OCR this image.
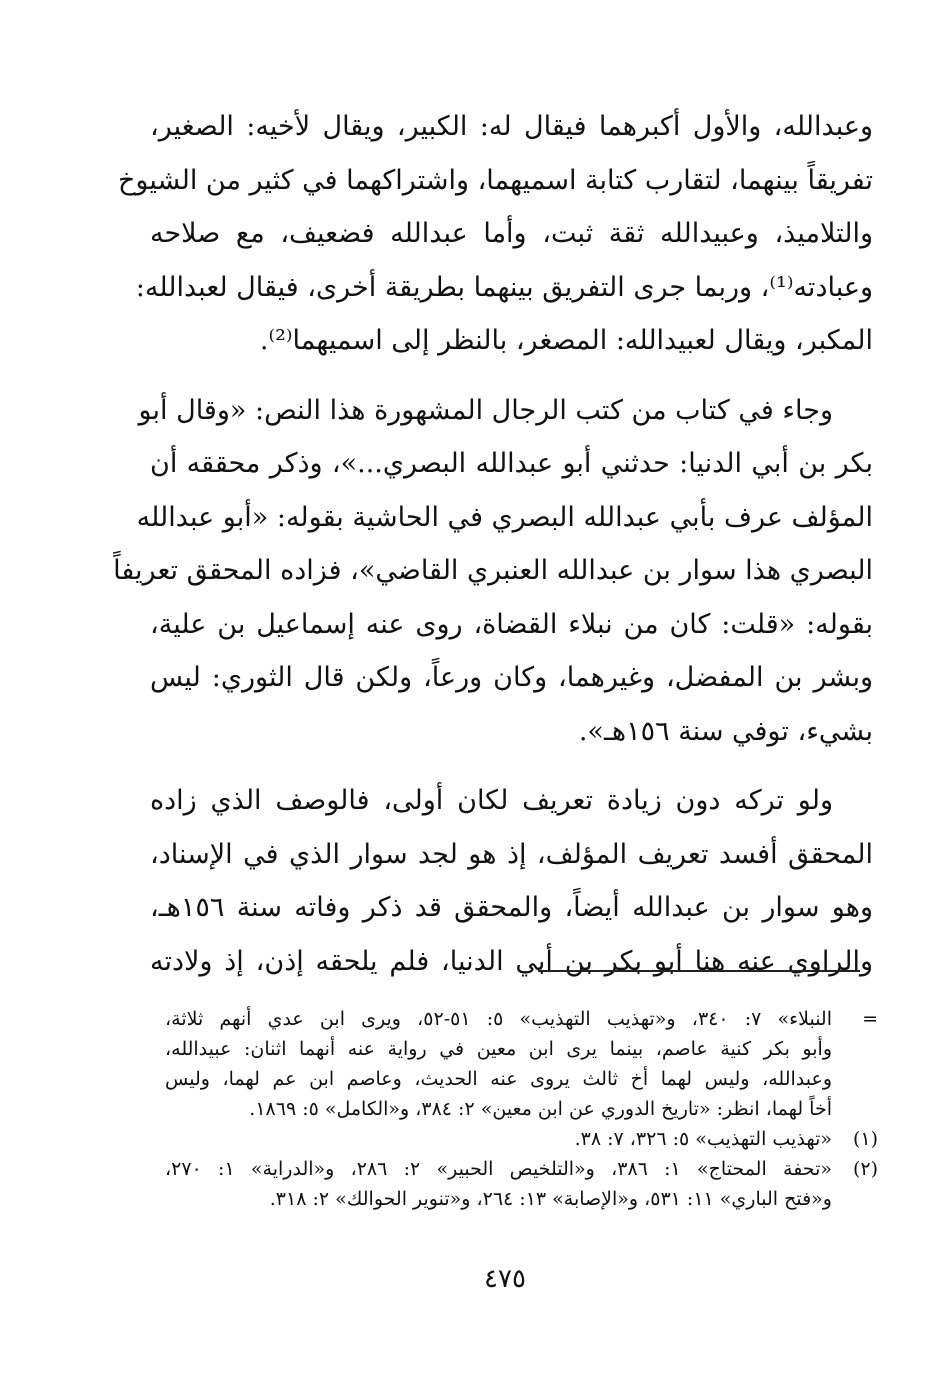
وعبدالله، والأول أكبرهما فيقال له: الكبير، ويقال لأخيه: الصغير،
تفريقاً بينهما، لتقارب كتابة اسميهما، واشتراكهما في كثير من الشيوخ
والتلاميذ، وعبيدالله ثقة ثبت، وأما عبدالله فضعيف، مع صلاحه
وعبادته⁽¹⁾، وربما جرى التفريق بينهما بطريقة أخرى، فيقال لعبدالله:
المكبر، ويقال لعبيدالله: المصغر، بالنظر إلى اسميهما⁽²⁾.

وجاء في كتاب من كتب الرجال المشهورة هذا النص: «وقال أبو
بكر بن أبي الدنيا: حدثني أبو عبدالله البصري...»، وذكر محققه أن
المؤلف عرف بأبي عبدالله البصري في الحاشية بقوله: «أبو عبدالله
البصري هذا سوار بن عبدالله العنبري القاضي»، فزاده المحقق تعريفاً
بقوله: «قلت: كان من نبلاء القضاة، روى عنه إسماعيل بن علية،
وبشر بن المفضل، وغيرهما، وكان ورعاً، ولكن قال الثوري: ليس
بشيء، توفي سنة ١٥٦هـ».

ولو تركه دون زيادة تعريف لكان أولى، فالوصف الذي زاده
المحقق أفسد تعريف المؤلف، إذ هو لجد سوار الذي في الإسناد،
وهو سوار بن عبدالله أيضاً، والمحقق قد ذكر وفاته سنة ١٥٦هـ،
والراوي عنه هنا أبو بكر بن أبي الدنيا، فلم يلحقه إذن، إذ ولادته

=
النبلاء» ٧: ٣٤٠، و«تهذيب التهذيب» ٥: ٥١-٥٢، ويرى ابن عدي أنهم ثلاثة،
وأبو بكر كنية عاصم، بينما يرى ابن معين في رواية عنه أنهما اثنان: عبيدالله،
وعبدالله، وليس لهما أخ ثالث يروى عنه الحديث، وعاصم ابن عم لهما، وليس
أخاً لهما، انظر: «تاريخ الدوري عن ابن معين» ٢: ٣٨٤، و«الكامل» ٥: ١٨٦٩.
(١)
«تهذيب التهذيب» ٥: ٣٢٦، ٧: ٣٨.
(٢)
«تحفة المحتاج» ١: ٣٨٦، و«التلخيص الحبير» ٢: ٢٨٦، و«الدراية» ١: ٢٧٠،
و«فتح الباري» ١١: ٥٣١، و«الإصابة» ١٣: ٢٦٤، و«تنوير الحوالك» ٢: ٣١٨.
٤٧٥
